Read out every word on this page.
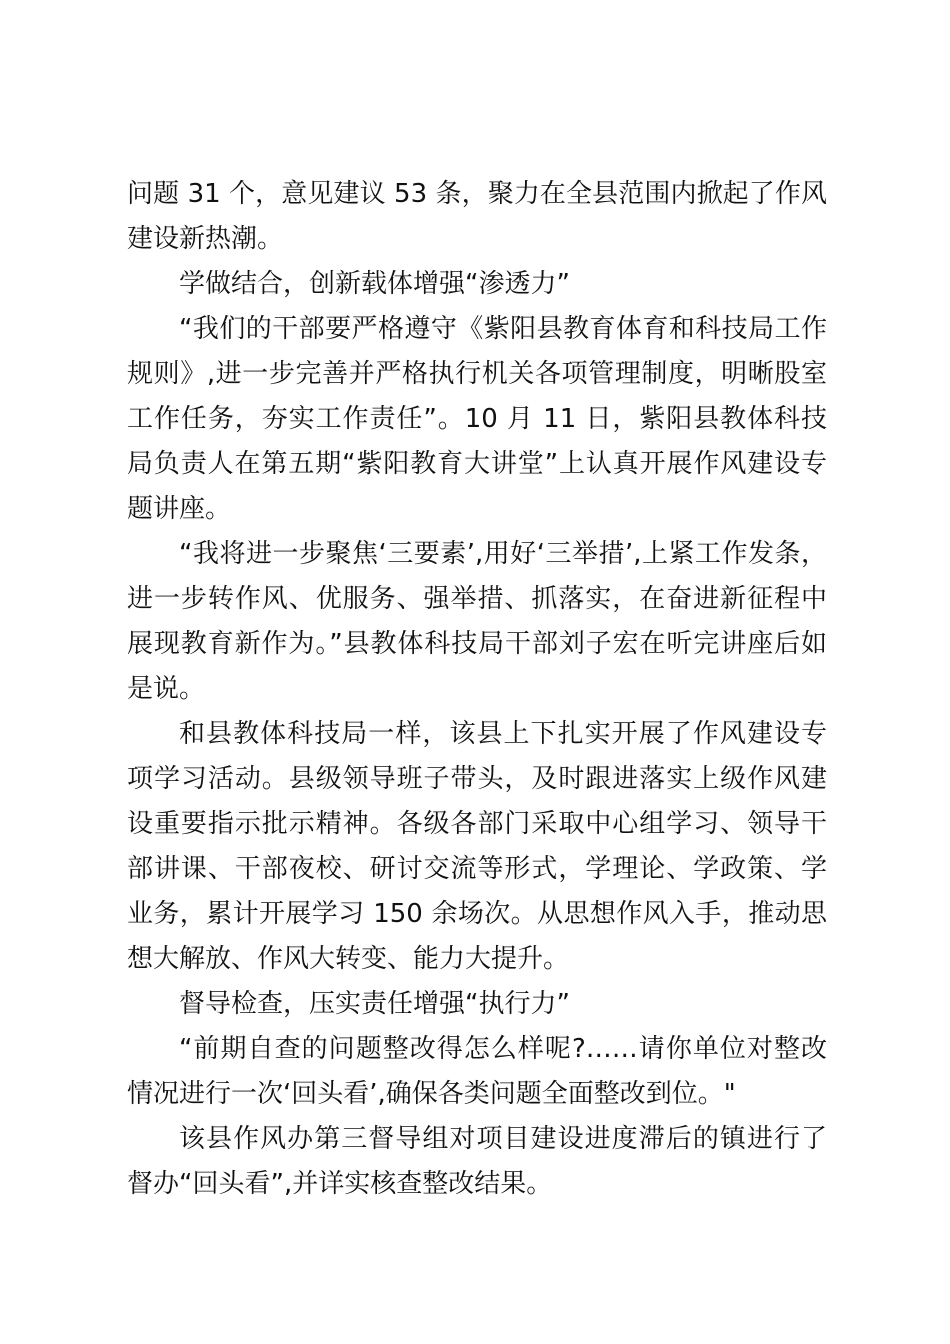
问题 31 个，意见建议 53 条，聚力在全县范围内掀起了作风建设新热潮。

学做结合，创新载体增强“渗透力”

“我们的干部要严格遵守《紫阳县教育体育和科技局工作规则》,进一步完善并严格执行机关各项管理制度，明晰股室工作任务，夯实工作责任”。10 月 11 日，紫阳县教体科技局负责人在第五期“紫阳教育大讲堂”上认真开展作风建设专题讲座。

“我将进一步聚焦‘三要素’,用好‘三举措’,上紧工作发条，进一步转作风、优服务、强举措、抓落实，在奋进新征程中展现教育新作为。”县教体科技局干部刘子宏在听完讲座后如是说。

和县教体科技局一样，该县上下扎实开展了作风建设专项学习活动。县级领导班子带头，及时跟进落实上级作风建设重要指示批示精神。各级各部门采取中心组学习、领导干部讲课、干部夜校、研讨交流等形式，学理论、学政策、学业务，累计开展学习 150 余场次。从思想作风入手，推动思想大解放、作风大转变、能力大提升。

督导检查，压实责任增强“执行力”

“前期自查的问题整改得怎么样呢?……请你单位对整改情况进行一次‘回头看’,确保各类问题全面整改到位。"

该县作风办第三督导组对项目建设进度滞后的镇进行了督办“回头看”,并详实核查整改结果。
